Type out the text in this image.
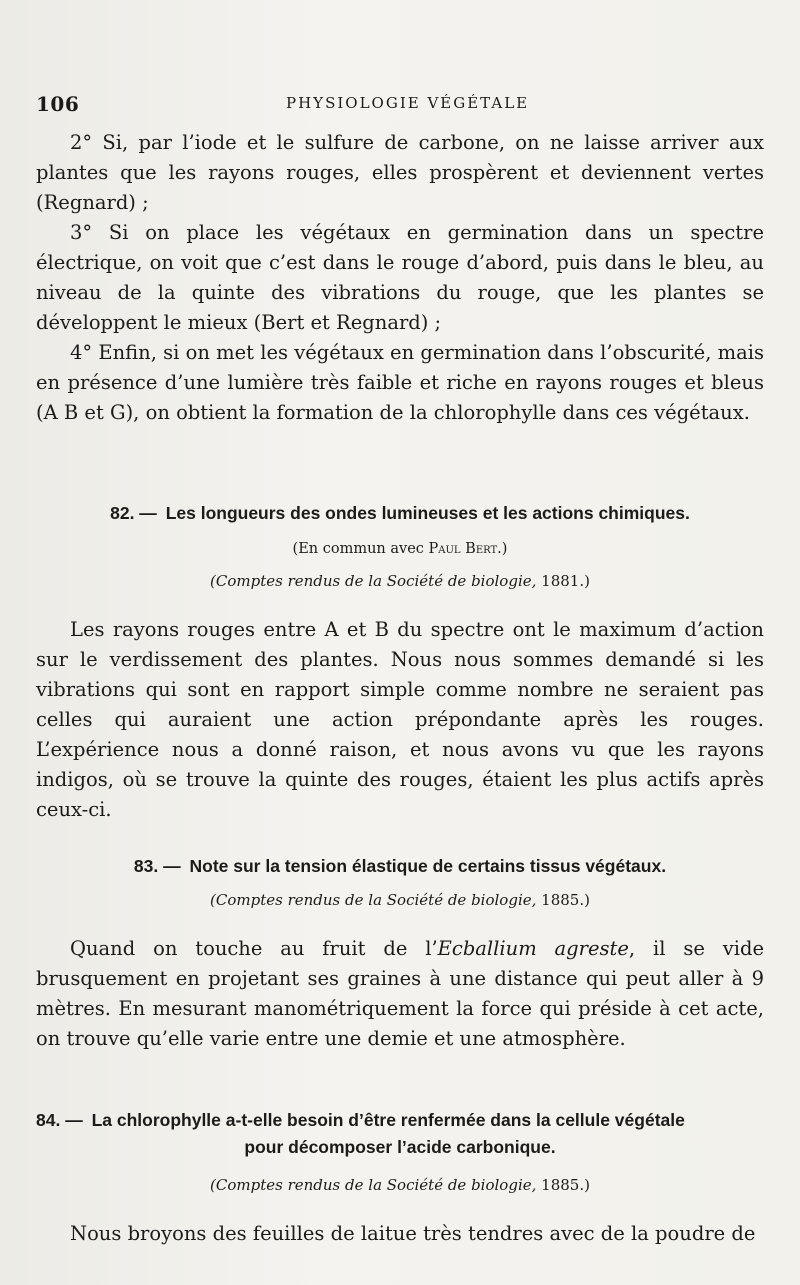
106	PHYSIOLOGIE VÉGÉTALE

2° Si, par l’iode et le sulfure de carbone, on ne laisse arriver aux plantes que les rayons rouges, elles prospèrent et deviennent vertes (Regnard) ;

3° Si on place les végétaux en germination dans un spectre électrique, on voit que c’est dans le rouge d’abord, puis dans le bleu, au niveau de la quinte des vibrations du rouge, que les plantes se développent le mieux (Bert et Regnard) ;

4° Enfin, si on met les végétaux en germination dans l’obscurité, mais en présence d’une lumière très faible et riche en rayons rouges et bleus (A B et G), on obtient la formation de la chlorophylle dans ces végétaux.

82. — Les longueurs des ondes lumineuses et les actions chimiques.
(En commun avec Paul Bert.)
(Comptes rendus de la Société de biologie, 1881.)

Les rayons rouges entre A et B du spectre ont le maximum d’action sur le verdissement des plantes. Nous nous sommes demandé si les vibrations qui sont en rapport simple comme nombre ne seraient pas celles qui auraient une action prépondante après les rouges. L’expérience nous a donné raison, et nous avons vu que les rayons indigos, où se trouve la quinte des rouges, étaient les plus actifs après ceux-ci.

83. — Note sur la tension élastique de certains tissus végétaux.
(Comptes rendus de la Société de biologie, 1885.)

Quand on touche au fruit de l’Ecballium agreste, il se vide brusquement en projetant ses graines à une distance qui peut aller à 9 mètres. En mesurant manométriquement la force qui préside à cet acte, on trouve qu’elle varie entre une demie et une atmosphère.

84. — La chlorophylle a-t-elle besoin d’être renfermée dans la cellule végétale
pour décomposer l’acide carbonique.
(Comptes rendus de la Société de biologie, 1885.)

Nous broyons des feuilles de laitue très tendres avec de la poudre de
